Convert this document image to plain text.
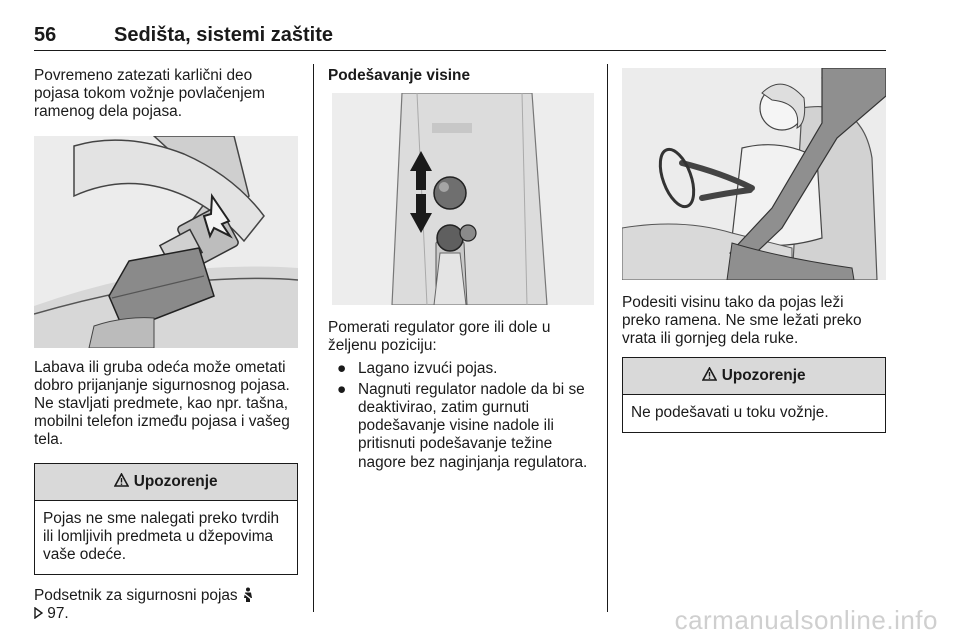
56	Sedišta, sistemi zaštite

Povremeno zatezati karlični deo pojasa tokom vožnje povlačenjem ramenog dela pojasa.

Labava ili gruba odeća može ometati dobro prijanjanje sigurnosnog pojasa. Ne stavljati predmete, kao npr. tašna, mobilni telefon između pojasa i vašeg tela.

Upozorenje
Pojas ne sme nalegati preko tvrdih ili lomljivih predmeta u džepovima vaše odeće.

Podsetnik za sigurnosni pojas
97.

Podešavanje visine

Pomerati regulator gore ili dole u željenu poziciju:

● Lagano izvući pojas.
● Nagnuti regulator nadole da bi se deaktivirao, zatim gurnuti podešavanje visine nadole ili pritisnuti podešavanje težine nagore bez naginjanja regulatora.

Podesiti visinu tako da pojas leži preko ramena. Ne sme ležati preko vrata ili gornjeg dela ruke.

Upozorenje
Ne podešavati u toku vožnje.
carmanualsonline.info
